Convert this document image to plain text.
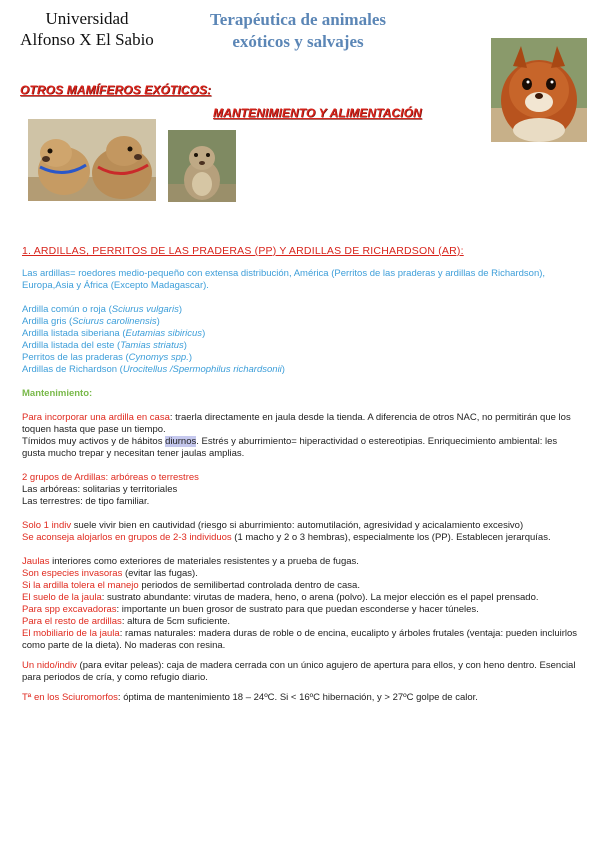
Universidad
Alfonso X El Sabio
Terapéutica de animales
exóticos y salvajes
OTROS MAMÍFEROS EXÓTICOS:
MANTENIMIENTO Y ALIMENTACIÓN
1. ARDILLAS, PERRITOS DE LAS PRADERAS (PP) Y ARDILLAS DE RICHARDSON (AR):

Las ardillas= roedores medio-pequeño con extensa distribución, América (Perritos de las praderas y ardillas de Richardson), Europa,Asia y África (Excepto Madagascar).

Ardilla común o roja (Sciurus vulgaris)

Ardilla gris (Sciurus carolinensis)

Ardilla listada siberiana (Eutamias sibiricus)

Ardilla listada del este (Tamias striatus)

Perritos de las praderas (Cynomys spp.)

Ardillas de Richardson (Urocitellus /Spermophilus richardsonii)

Mantenimiento:

Para incorporar una ardilla en casa: traerla directamente en jaula desde la tienda. A diferencia de otros NAC, no permitirán que los toquen hasta que pase un tiempo.

Tímidos muy activos y de hábitos diurnos. Estrés y aburrimiento= hiperactividad o estereotipias. Enriquecimiento ambiental: les gusta mucho trepar y necesitan tener jaulas amplias.

2 grupos de Ardillas: arbóreas o terrestres

Las arbóreas: solitarias y territoriales

Las terrestres: de tipo familiar.

Solo 1 indiv suele vivir bien en cautividad (riesgo si aburrimiento: automutilación, agresividad y acicalamiento excesivo)

Se aconseja alojarlos en grupos de 2-3 individuos (1 macho y 2 o 3 hembras), especialmente los (PP). Establecen jerarquías.

Jaulas interiores como exteriores de materiales resistentes y a prueba de fugas.

Son especies invasoras (evitar las fugas).

Si la ardilla tolera el manejo periodos de semilibertad controlada dentro de casa.

El suelo de la jaula: sustrato abundante: virutas de madera, heno, o arena (polvo). La mejor elección es el papel prensado.

Para spp excavadoras: importante un buen grosor de sustrato para que puedan esconderse y hacer túneles.

Para el resto de ardillas: altura de 5cm suficiente.

El mobiliario de la jaula: ramas naturales: madera duras de roble o de encina, eucalipto y árboles frutales (ventaja: pueden incluirlos como parte de la dieta). No maderas con resina.

Un nido/indiv (para evitar peleas): caja de madera cerrada con un único agujero de apertura para ellos, y con heno dentro. Esencial para periodos de cría, y como refugio diario.

Tª en los Sciuromorfos: óptima de mantenimiento 18 – 24ºC. Si < 16ºC hibernación, y > 27ºC golpe de calor.
